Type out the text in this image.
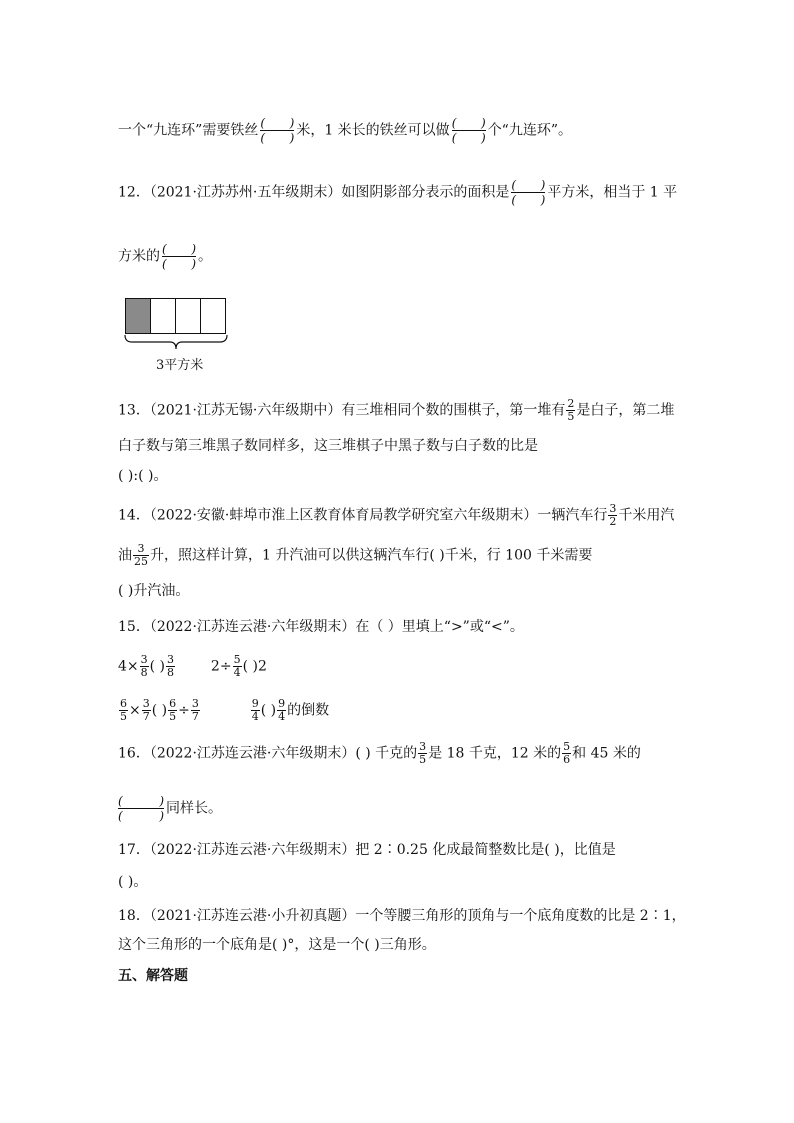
一个“九连环”需要铁丝 ( )
( ) 米，1 米长的铁丝可以做 ( )
( ) 个“九连环”。
12．（2021·江苏苏州·五年级期末）如图阴影部分表示的面积是 ( )
( ) 平方米，相当于 1 平
方米的 ( )
( ) 。
3平方米
13．（2021·江苏无锡·六年级期中）有三堆相同个数的围棋子，第一堆有 $\frac{2}{5}$ 是白子，第二堆
白子数与第三堆黑子数同样多，这三堆棋子中黑子数与白子数的比是
( ):( )。
14．（2022·安徽·蚌埠市淮上区教育体育局教学研究室六年级期末）一辆汽车行 $\frac{3}{2}$ 千米用汽
油 $\frac{3}{25}$ 升，照这样计算，1 升汽油可以供这辆汽车行( )千米，行 100 千米需要
( )升汽油。
15．（2022·江苏连云港·六年级期末）在（ ）里填上“>”或“<”。
$4\times \frac{3}{8}$ ( ) $\frac{3}{8}$	$2\div \frac{5}{4}$ ( )2
$\frac{6}{5} \times \frac{3}{7}$ ( ) $\frac{6}{5} \div \frac{3}{7}$
	$\frac{9}{4}$ ( ) $\frac{9}{4}$ 的倒数
16．（2022·江苏连云港·六年级期末）( ) 千克的 $\frac{3}{5}$ 是 18 千克，12 米的 $\frac{5}{6}$ 和 45 米的
(	)
(	) 同样长。
17．（2022·江苏连云港·六年级期末）把 2∶0.25 化成最简整数比是( )，比值是
( )。
18．（2021·江苏连云港·小升初真题）一个等腰三角形的顶角与一个底角度数的比是 2∶1，
这个三角形的一个底角是( )°，这是一个( )三角形。
五、解答题
